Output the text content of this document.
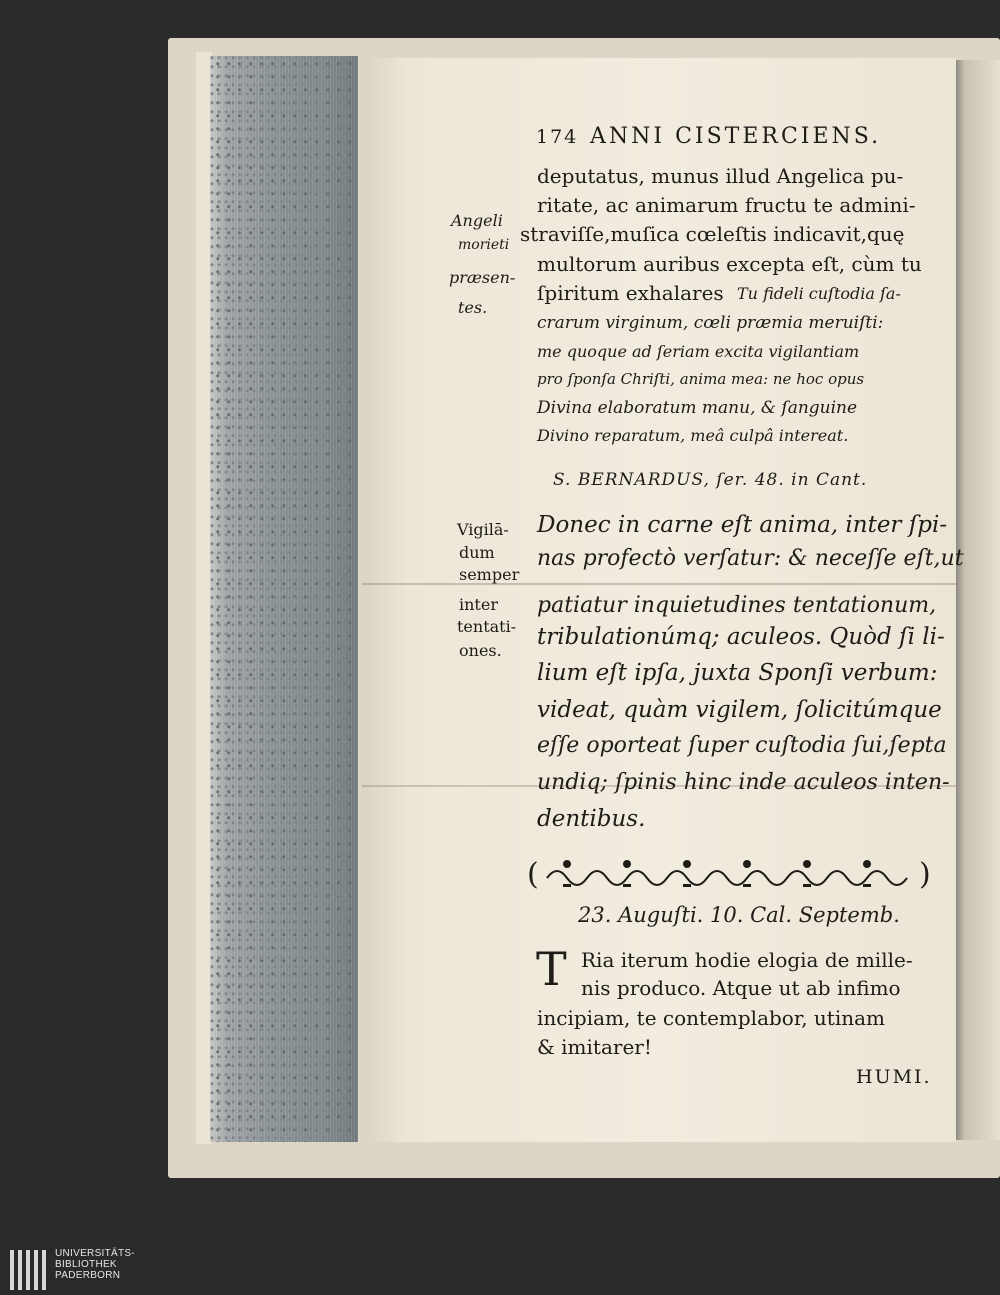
174 ANNI CISTERCIENS.
Angeli
morieti
præsen-
tes.
deputatus, munus illud Angelica pu-
ritate, ac animarum fructu te admini-
straviſſe,muſica cœleſtis indicavit,quę
multorum auribus excepta eſt, cùm tu
ſpiritum exhalares Tu fideli cuſtodia ſa-
crarum virginum, cœli præmia meruiſti:
me quoque ad ſeriam excita vigilantiam
pro ſponſa Chriſti, anima mea: ne hoc opus
Divina elaboratum manu, & ſanguine
Divino reparatum, meâ culpâ intereat.
S. BERNARDUS, ſer. 48. in Cant.
Vigilā-
dum
semper
inter
tentati-
ones.
Donec in carne eſt anima, inter ſpi-
nas profectò verſatur: & neceſſe eſt,ut
patiatur inquietudines tentationum,
tribulationúmq; aculeos. Quòd ſi li-
lium eſt ipſa, juxta Sponſi verbum:
videat, quàm vigilem, ſolicitúmque
eſſe oporteat ſuper cuſtodia ſui,ſepta
undiq; ſpinis hinc inde aculeos inten-
dentibus.
(	)
23. Auguſti. 10. Cal. Septemb.
T Ria iterum hodie elogia de mille-
nis produco. Atque ut ab infimo
incipiam, te contemplabor, utinam
& imitarer!
HUMI.
UNIVERSITÄTS-
BIBLIOTHEK
PADERBORN
